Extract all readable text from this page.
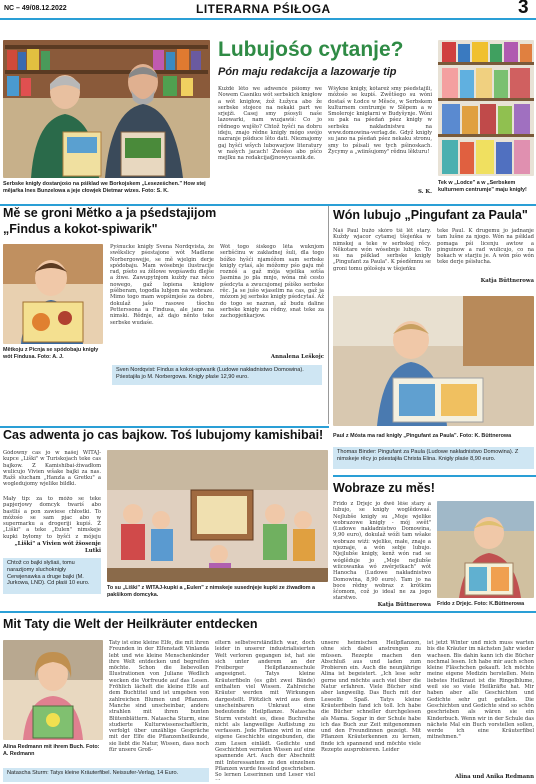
NC – 49/08.12.2022	LITERARNA PŚIŁOGA	3
Serbske knigły dostanjośo na pśiklad we Borkojskem „Leseześchen." How stej mějaŕka Ines Bunzelowa a jeje cłowjek Dietmar wizes. Foto: S. K.
Lubujośo cytanje?
Pón maju redakcija a lazowarje tip
Kuždé lěto we adwenće pśiomy we Nowem Casniku wót serbskich knigłow a wót knigłow, źož Łužyca abo že serbske stojece na nekaki part we srjejźi. Casej smy pśosyli naše lazowarki, nam wuzjawiś: Co jo rědnego wujšło? Chtož hyšći na dobru ideju, znajo rědne knigły mógo swójo nazranje pśiduce lěto dati. Nieznajomy gaj hyšći wšych lubowarjow literatury w našych jacach! Źwóśso abo pšćo mejlku na redakcija@nowycasnik.de.
Wšykne knigły, kótarež smy pśedstajili, móžośo se kupiś. Zwětšego su wóni dostaś w Łodce w Měsće, w Serbskem kulturnem centrumje w Slěpem a w Smolerojc knigłarni w Budyšynje. Wóni su pak na pśedań pśez knigły w serbsku nakładnistwu na www.domowina-verlag.de. Gdyž knigły su jano na pśedań pśez nekaku stronu, smy to pśisali we tych pśinoskach. Žycymy a „wiinšujomy" rědnu lěkturu!
S. K.
Tek w „Lodce" a w „Serbskem kulturnem centrumje" maju knigły!
Mě se groni Mětko a ja pśedstajijom
„Findus a kokot-spiwarik"
Mětkoju z Picnja se spódobaju knigły wót Findusa. Foto: A. J.
Pyšnucke knigły Svena Nordqvista, že swěkslicy pśestajone wót Madlene Norbergowejje, se mě wjelgin derje spódobaju. Mam wósebnje ilustracije rad, pśeto su źělowe wopśawdu dlejše a žiwe. Zawupytnjom kuždy raz něco nowego, gaž lopiena knigłow pśěberam, togodla lubjom na wobraze. Mimo togo mam wopśimjeśe za dobre, dokulaž jašo rasowe tšochu Petterssona a Findusa, ale jano na nimski. Rědnje, až dajo něnto teke serbske wudaśe.
Wót togo śiskego lěta wuknjom serbšćinu w zakładnej šuli, dla togo bóžko hyšći njamóžom sam serbske knigły cytaś, ale móžomy pśo gaju mě roznóš a gaž mója wjelika sotša Jasmina jo pla mnjo, wóna mě cesto pśedcyta a zwucujomej pśiśko serbske rěc. Ja se jušo wjaselim na cas, gaž ja mózom jej serbske knigły pśedcytaś. Až do togo se nazran, až budu daline serbske knigły za rědny, snat teke za zachopjeńkarjow.
Annalena Leškojc
Sven Nordqvist: Findus a kokot-spiwarik (Ludowe nakładnistwo Domowina). Pśestajiła jo M. Norbergowa. Knigły płaśe 12,90 euro.
Wón lubujo „Pingufant za Paula"
Naš Paul bužo skóro tśi lět stary. Kuždy wjacor cytamej tšojeńka w nimskej a teke w serbskej rěcy. Někotare wón wósebnje lubujo. To su na pśiklad serbske knigły „Pingufant za Paula". K pśeděmnu se groni tomu gólošoju w tšojeńku
teke Paul. K drugemu jo jadnanje tam lušne za njogo. Wón na pśiklad pomaga pśi licenju awtow a pinguinow a rad wulicujo, co na bokach w starjiu je. A wón pśo wón teke derje pśisłucha.
Katja Büttnerowa
Paul z Mósta ma rad knigły „Pingufant za Paula". Foto: K. Büttnerowa
Thomas Binder: Pingufant za Paula (Ludowe nakładnistwo Domowina). Z nimskeje rěcy jo pśestajiła Christa Elina. Knigły płaśe 8,90 euro.
Cas adwenta jo cas bajkow. Toś lubujomy kamishibai!
Gódowny cas jo w našej WITAJ-kupce „Liški" w Turiskojach teke cas bajkow. Z Kamishibai-źiwadłom wulicujo Vivien wšake bajki za nas. Ražš slucham „Hanzla a Gretku" a wogledujomy wjelike bildki.
Mały tip: za to móžo se teke papjerjowy domcyk twariś abo bastliś a pon zawiese chłostki. To móžośo se sam pjac abo w supermarku a drogeriji kupiś. Ž „Liški" a teke „Eulen" nimskeje kupki byłomy to byšći z mójeju
„Liški" a Vivien wót žšosenje Lutki
Chtož co bajki słyšaś, tomu narazijomy sluchoknigły Cerwjenawka a druge bajki (M. Jurkowa, LND). Cd płaśi 10 euro.
To su „Liški" z WITAJ-kupki a „Eulen" z nimskeje susednjeje kupki ze źiwadłom a pakšikom domcyka.
Wobraze zu měs!
Frido z Drjejc jo dwě lěśe stary a lubujo, se knigły woglědowaś. Nejlubše knigły su „Moje wjelike wobrazowe knigły - mój swět" (Ludowe nakładnistwo Domowina, 9,90 euro), dokulaž wóži tam wšake wobraze wiźi: wjelike, małe, znaje a njeznaje, a wón sebje lubujo. Njejlubše knigły, kenž wón rad se wóglěduje jo „Moje nejlubše wiicowanka wó zwěrjetkach" wót Hanocha (Ludowe nakładnistwo Domowina, 8,90 euro). Tam jo na boce rědny wobraz z krótkim šćomom, což jo ideal ne za jogo starstwo.
Katja Büttnerowa Frido z Drjejc. Foto: K.Büttnerowa
Mit Taty die Welt der Heilkräuter entdecken
Alina Redmann mit ihrem Buch. Foto: A. Redmann
Taty ist eine kleine Elfe, die mit ihren Freunden in der Elfenstadt Vinlanda lebt und wie kleine Menschenkinder ihre Welt entdecken und begreifen möchte. Schon die liebevollen Illustrationen von Juliane Wedlich wecken die Vorfreude auf das Lesen. Fröhlich lächelt die kleine Elfe auf dem Buchtitel und ist umgeben von zahlreichen Blumen und Pflanzen. Manche sind unscheinbar, andere strahlen mit ihren bunten Blütenblättern. Natascha Sturm, eine studierte Kulturwissenschaftlerin, verfolgt über unzählige Gespräche mit der Elfe die Pflanzenheilkunde, sie liebt die Natur, Wissen, dass noch für unsere Groß-
eltern selbstverständlich war, doch leider in unserer industrialisierten Welt verloren gegangen ist, hat sie sich unter anderem an der Freiberger Heilpflanzenschule angeeignet. Tatys kleine Kräuterfibeln (es gibt zwei Bände) enthalten viel Wissen. Zahlreiche Kräuter werden mit Wirkungen dargestellt. Plötzlich wird aus dem unscheinbaren Unkraut eine bedeutende Heilpflanze. Natascha Sturm versteht es, diese Buchreihe nicht als langweilige Auflistung zu verfassen. Jede Pflanze wird in eine eigene Geschichte eingebunden, die zum Lesen einlädt. Gedichte und Geschichten verraten Wissen auf eine spannende Art. Auch der Abschnitt mit Interessantem zu den einzelnen Pflanzen wurde fesselnd geschrieben. So lernen Leserinnen und Leser viel
unsere heimischen Heilpflanzen, ohne sich dabei anstrengen zu müssen. Rezepte machen den Abschluß aus und laden zum Probieren ein. Auch die neunjährige Alina ist begeistert. „Ich lese sehr gerne und möchte auch viel über die Natur erfahren. Viele Bücher sind aber langweilig. Das Buch mit der Leseelfe Spaß. Tatys kleine Kräuterfibeln fand ich toll. Ich habe die Bücher schneller durchgelesen als Mama. Sogar in der Schule habe ich das Buch zur Zeit mitgenommen und den Freundinnen gezeigt. Mit Pflanzen Kräuterkennen zu lernen, finde ich spannend und möchte viele Rezepte ausprobieren. Leider
ist jetzt Winter und mich muss warten bis die Kräuter im nächsten Jahr wieder wachsen. Bis dahin kann ich die Bücher nochmal lesen. Ich habe mir auch schon kleine Fläschchen gekauft. Ich möchte meine eigene Medizin herstellen. Mein liebstes Heilkraut ist die Ringelblume, weil sie so viele Heilkräfte hat. Mir haben aber alle Geschichten und Gedichte sehr gut gefallen. Die Geschichten und Gedichte sind so schön geschrieben als wären sie ein Kinderbuch. Wenn wir in der Schule das nächste Mal ein Buch vorstellen sollen, werde ich eine Kräuterfibel mitnehmen."
Alina und Anika Redmann
Natascha Sturm: Tatys kleine Kräuterfibel. Neissufer-Verlag, 14 Euro.
